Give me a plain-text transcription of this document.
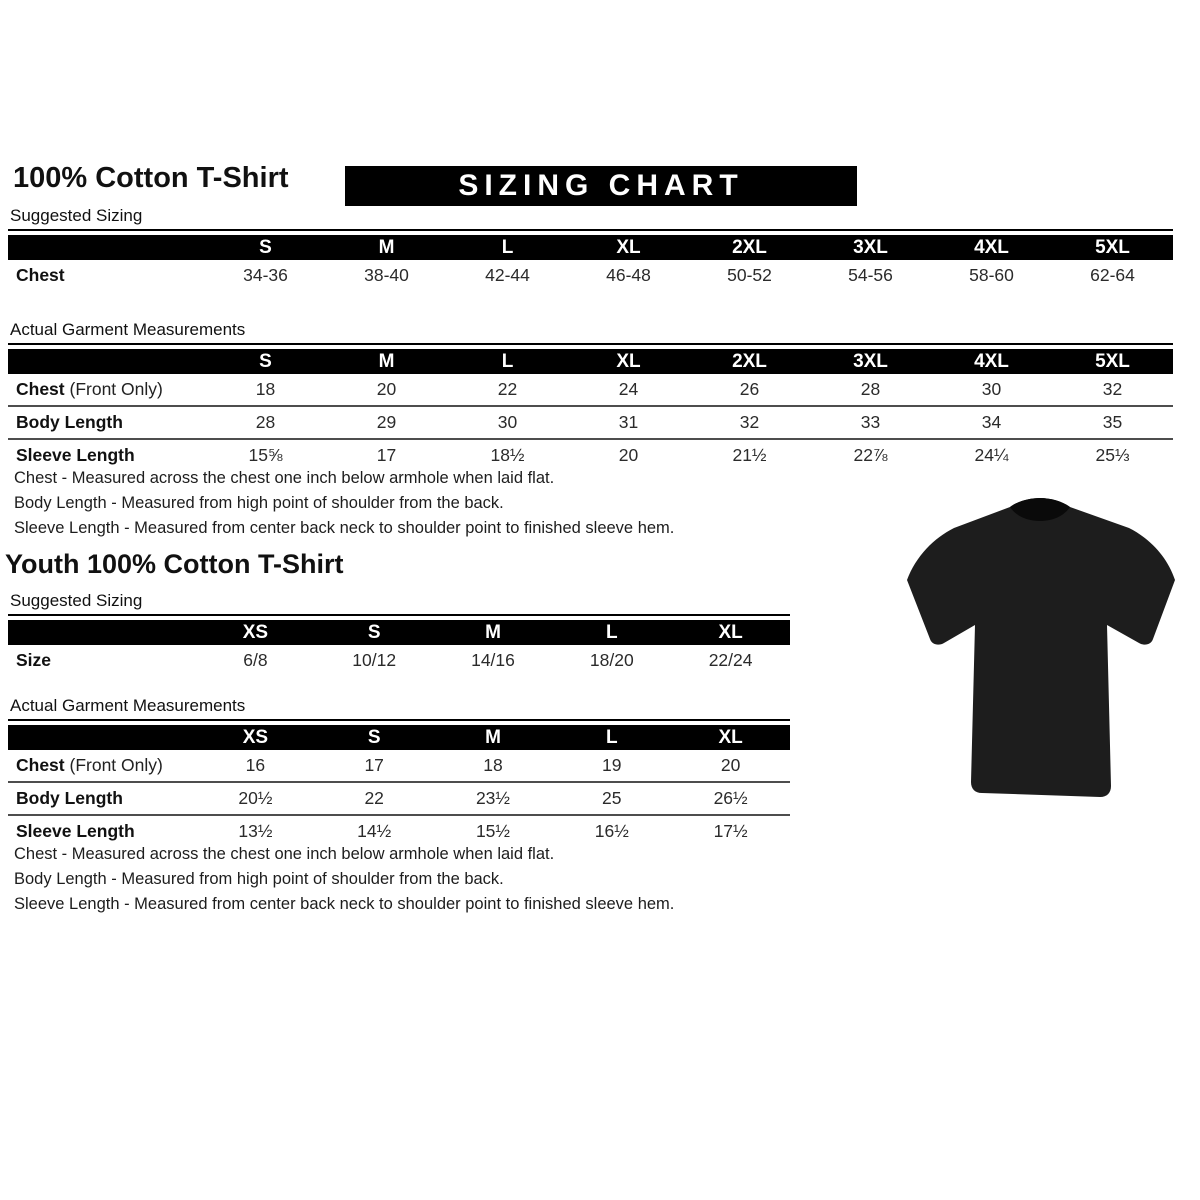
100% Cotton T-Shirt	SIZING CHART
Suggested Sizing
	S	M	L	XL	2XL	3XL	4XL	5XL
Chest	34-36	38-40	42-44	46-48	50-52	54-56	58-60	62-64
Actual Garment Measurements
	S	M	L	XL	2XL	3XL	4XL	5XL
Chest (Front Only)	18	20	22	24	26	28	30	32
Body Length	28	29	30	31	32	33	34	35
Sleeve Length	15⅝	17	18½	20	21½	22⅞	24¼	25⅓

Chest - Measured across the chest one inch below armhole when laid flat.

Body Length - Measured from high point of shoulder from the back.

Sleeve Length - Measured from center back neck to shoulder point to finished sleeve hem.

Youth 100% Cotton T-Shirt
Suggested Sizing
	XS	S	M	L	XL
Size	6/8	10/12	14/16	18/20	22/24
Actual Garment Measurements
	XS	S	M	L	XL
Chest (Front Only)	16	17	18	19	20
Body Length	20½	22	23½	25	26½
Sleeve Length	13½	14½	15½	16½	17½

Chest - Measured across the chest one inch below armhole when laid flat.

Body Length - Measured from high point of shoulder from the back.

Sleeve Length - Measured from center back neck to shoulder point to finished sleeve hem.
